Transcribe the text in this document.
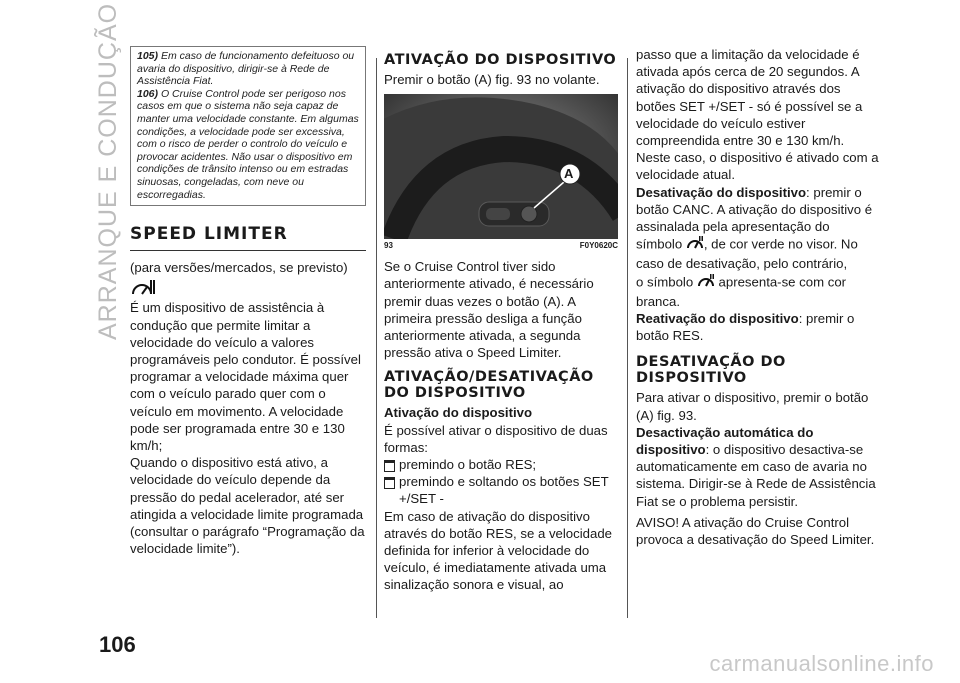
ARRANQUE E CONDUÇÃO
106

105) Em caso de funcionamento defeituoso ou avaria do dispositivo, dirigir-se à Rede de Assistência Fiat.

106) O Cruise Control pode ser perigoso nos casos em que o sistema não seja capaz de manter uma velocidade constante. Em algumas condições, a velocidade pode ser excessiva, com o risco de perder o controlo do veículo e provocar acidentes. Não usar o dispositivo em condições de trânsito intenso ou em estradas sinuosas, congeladas, com neve ou escorregadias.

SPEED LIMITER

(para versões/mercados, se previsto)

É um dispositivo de assistência à condução que permite limitar a velocidade do veículo a valores programáveis pelo condutor. É possível programar a velocidade máxima quer com o veículo parado quer com o veículo em movimento. A velocidade pode ser programada entre 30 e 130 km/h;

Quando o dispositivo está ativo, a velocidade do veículo depende da pressão do pedal acelerador, até ser atingida a velocidade limite programada (consultar o parágrafo “Programação da velocidade limite”).

ATIVAÇÃO DO DISPOSITIVO

Premir o botão (A) fig. 93 no volante.

A
93	F0Y0620C

Se o Cruise Control tiver sido anteriormente ativado, é necessário premir duas vezes o botão (A). A primeira pressão desliga a função anteriormente ativada, a segunda pressão ativa o Speed Limiter.

ATIVAÇÃO/DESATIVAÇÃO DO DISPOSITIVO
Ativação do dispositivo

É possível ativar o dispositivo de duas formas:

premindo o botão RES;
premindo e soltando os botões SET +/SET -

Em caso de ativação do dispositivo através do botão RES, se a velocidade definida for inferior à velocidade do veículo, é imediatamente ativada uma sinalização sonora e visual, ao

passo que a limitação da velocidade é ativada após cerca de 20 segundos. A ativação do dispositivo através dos botões SET +/SET - só é possível se a velocidade do veículo estiver compreendida entre 30 e 130 km/h. Neste caso, o dispositivo é ativado com a velocidade atual.

Desativação do dispositivo: premir o botão CANC. A ativação do dispositivo é assinalada pela apresentação do
símbolo , de cor verde no visor. No caso de desativação, pelo contrário,
o símbolo apresenta-se com cor branca.

Reativação do dispositivo: premir o botão RES.

DESATIVAÇÃO DO DISPOSITIVO

Para ativar o dispositivo, premir o botão (A) fig. 93.

Desactivação automática do dispositivo: o dispositivo desactiva-se automaticamente em caso de avaria no sistema. Dirigir-se à Rede de Assistência Fiat se o problema persistir.

AVISO! A ativação do Cruise Control provoca a desativação do Speed Limiter.

carmanualsonline.info
